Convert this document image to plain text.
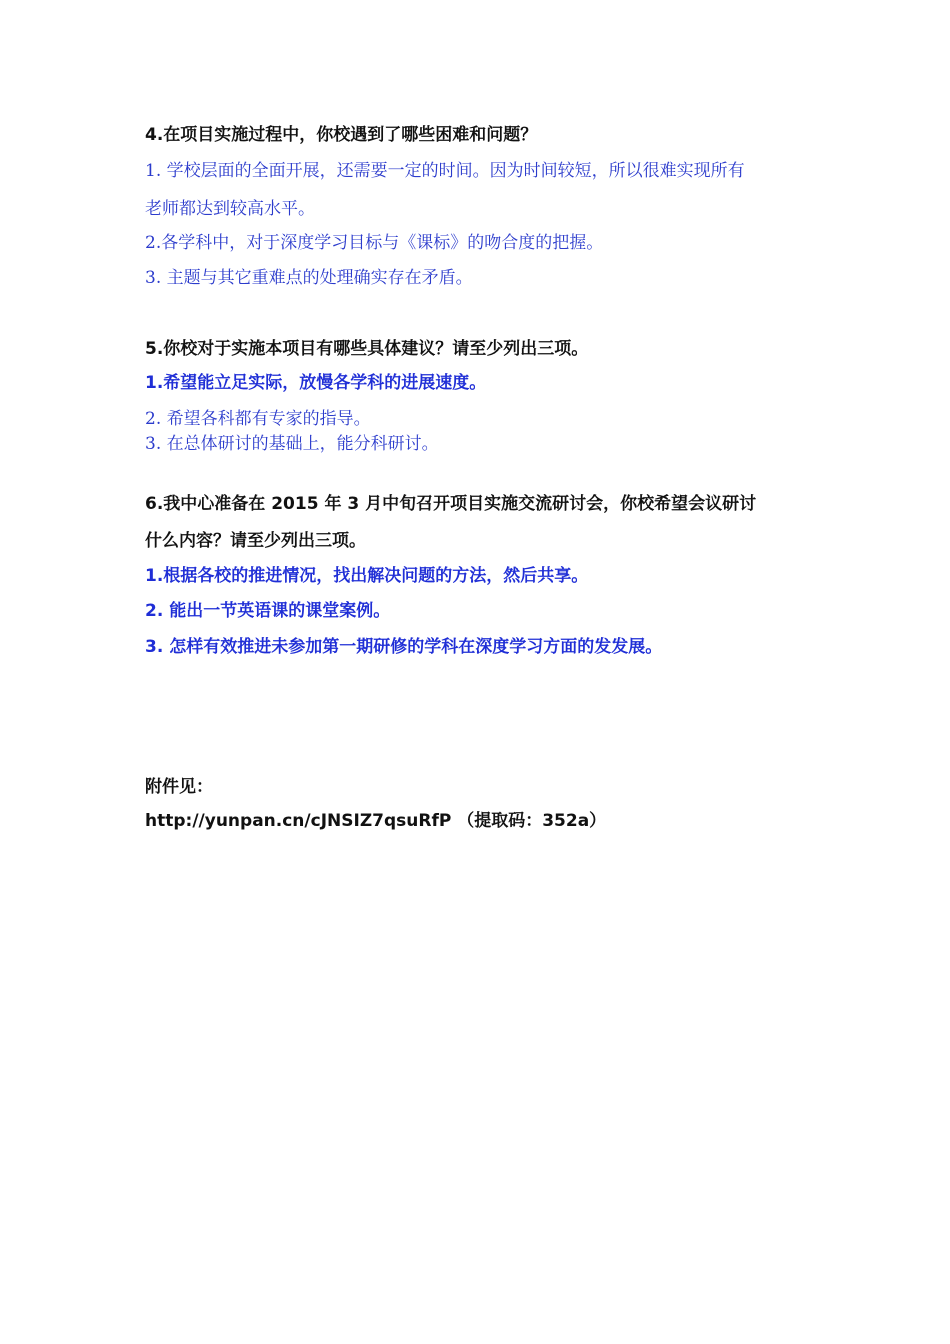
4.在项目实施过程中，你校遇到了哪些困难和问题？
1. 学校层面的全面开展，还需要一定的时间。因为时间较短，所以很难实现所有
老师都达到较高水平。
2.各学科中，对于深度学习目标与《课标》的吻合度的把握。
3. 主题与其它重难点的处理确实存在矛盾。
5.你校对于实施本项目有哪些具体建议？请至少列出三项。
1.希望能立足实际，放慢各学科的进展速度。
2. 希望各科都有专家的指导。
3. 在总体研讨的基础上，能分科研讨。
6.我中心准备在 2015 年 3 月中旬召开项目实施交流研讨会，你校希望会议研讨
什么内容？请至少列出三项。
1.根据各校的推进情况，找出解决问题的方法，然后共享。
2. 能出一节英语课的课堂案例。
3. 怎样有效推进未参加第一期研修的学科在深度学习方面的发发展。
附件见：
http://yunpan.cn/cJNSIZ7qsuRfP （提取码：352a）
